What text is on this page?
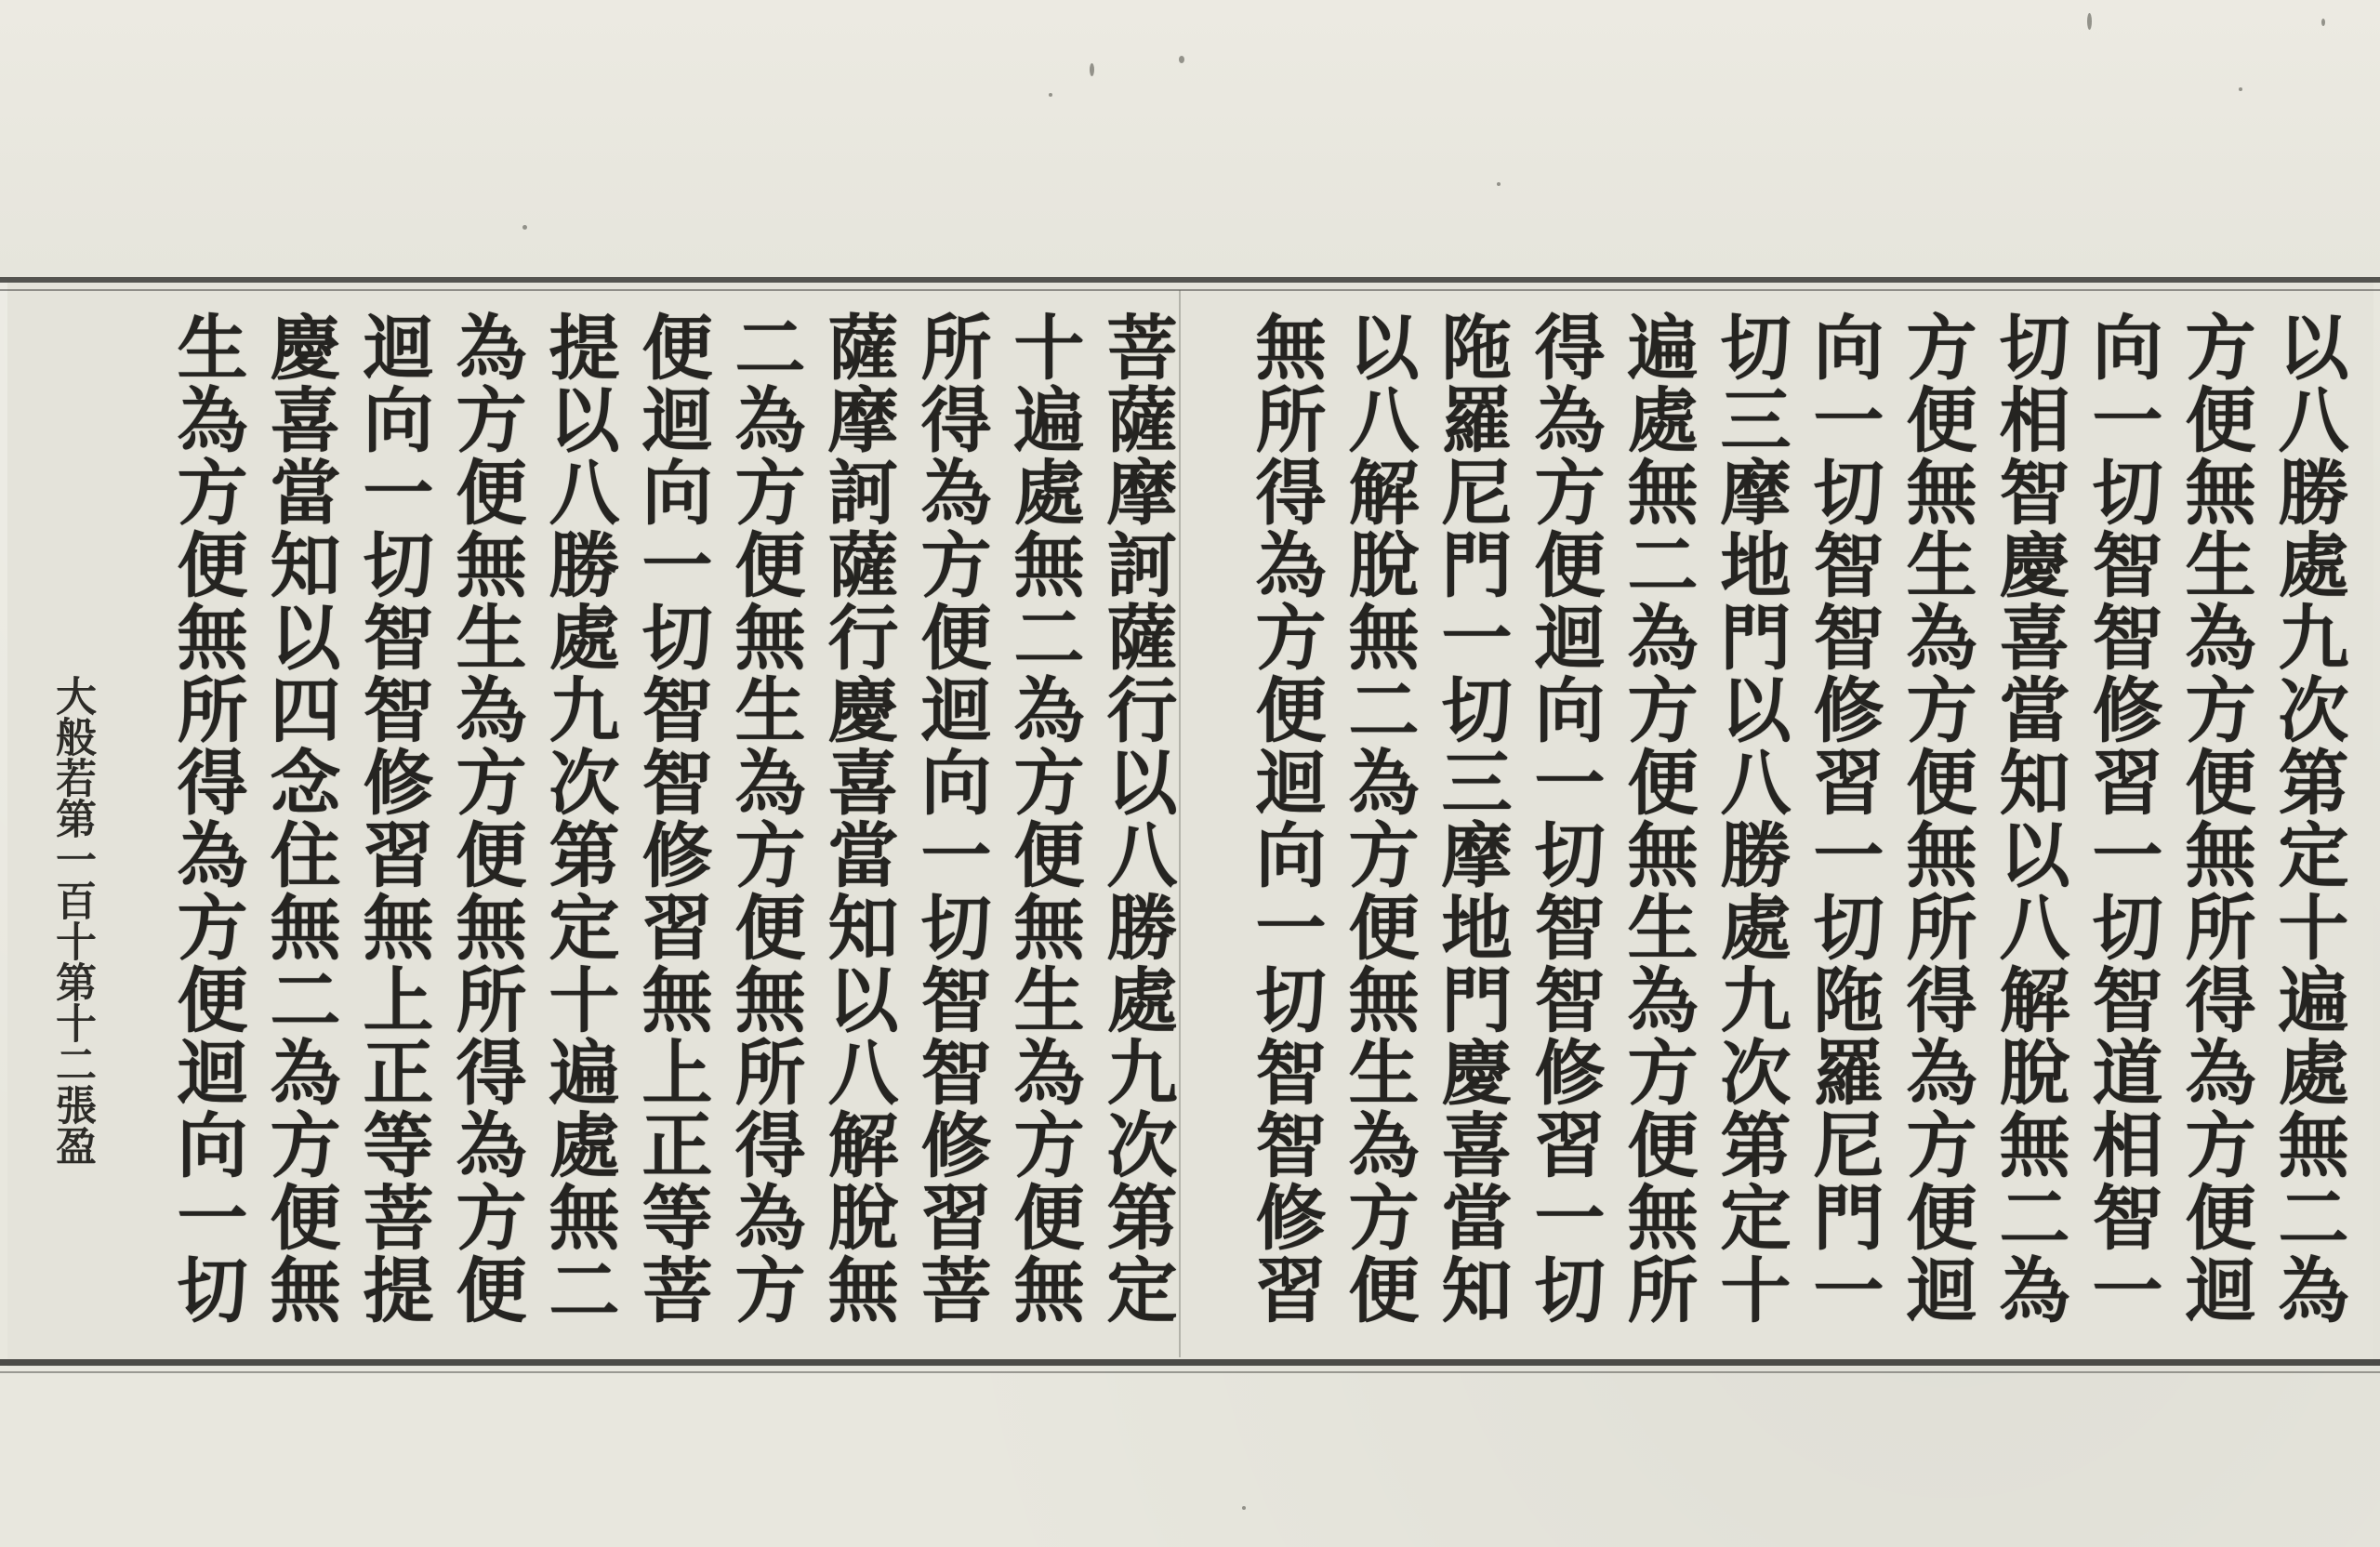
以八勝處九次第定十遍處無二為
方便無生為方便無所得為方便迴
向一切智智修習一切智道相智一
切相智慶喜當知以八解脫無二為
方便無生為方便無所得為方便迴
向一切智智修習一切陁羅尼門一
切三摩地門以八勝處九次第定十
遍處無二為方便無生為方便無所
得為方便迴向一切智智修習一切
陁羅尼門一切三摩地門慶喜當知
以八解脫無二為方便無生為方便
無所得為方便迴向一切智智修習
菩薩摩訶薩行以八勝處九次第定
十遍處無二為方便無生為方便無
所得為方便迴向一切智智修習菩
薩摩訶薩行慶喜當知以八解脫無
二為方便無生為方便無所得為方
便迴向一切智智修習無上正等菩
提以八勝處九次第定十遍處無二
為方便無生為方便無所得為方便
迴向一切智智修習無上正等菩提
慶喜當知以四念住無二為方便無
生為方便無所得為方便迴向一切
大般若第一百十第十二張盈
